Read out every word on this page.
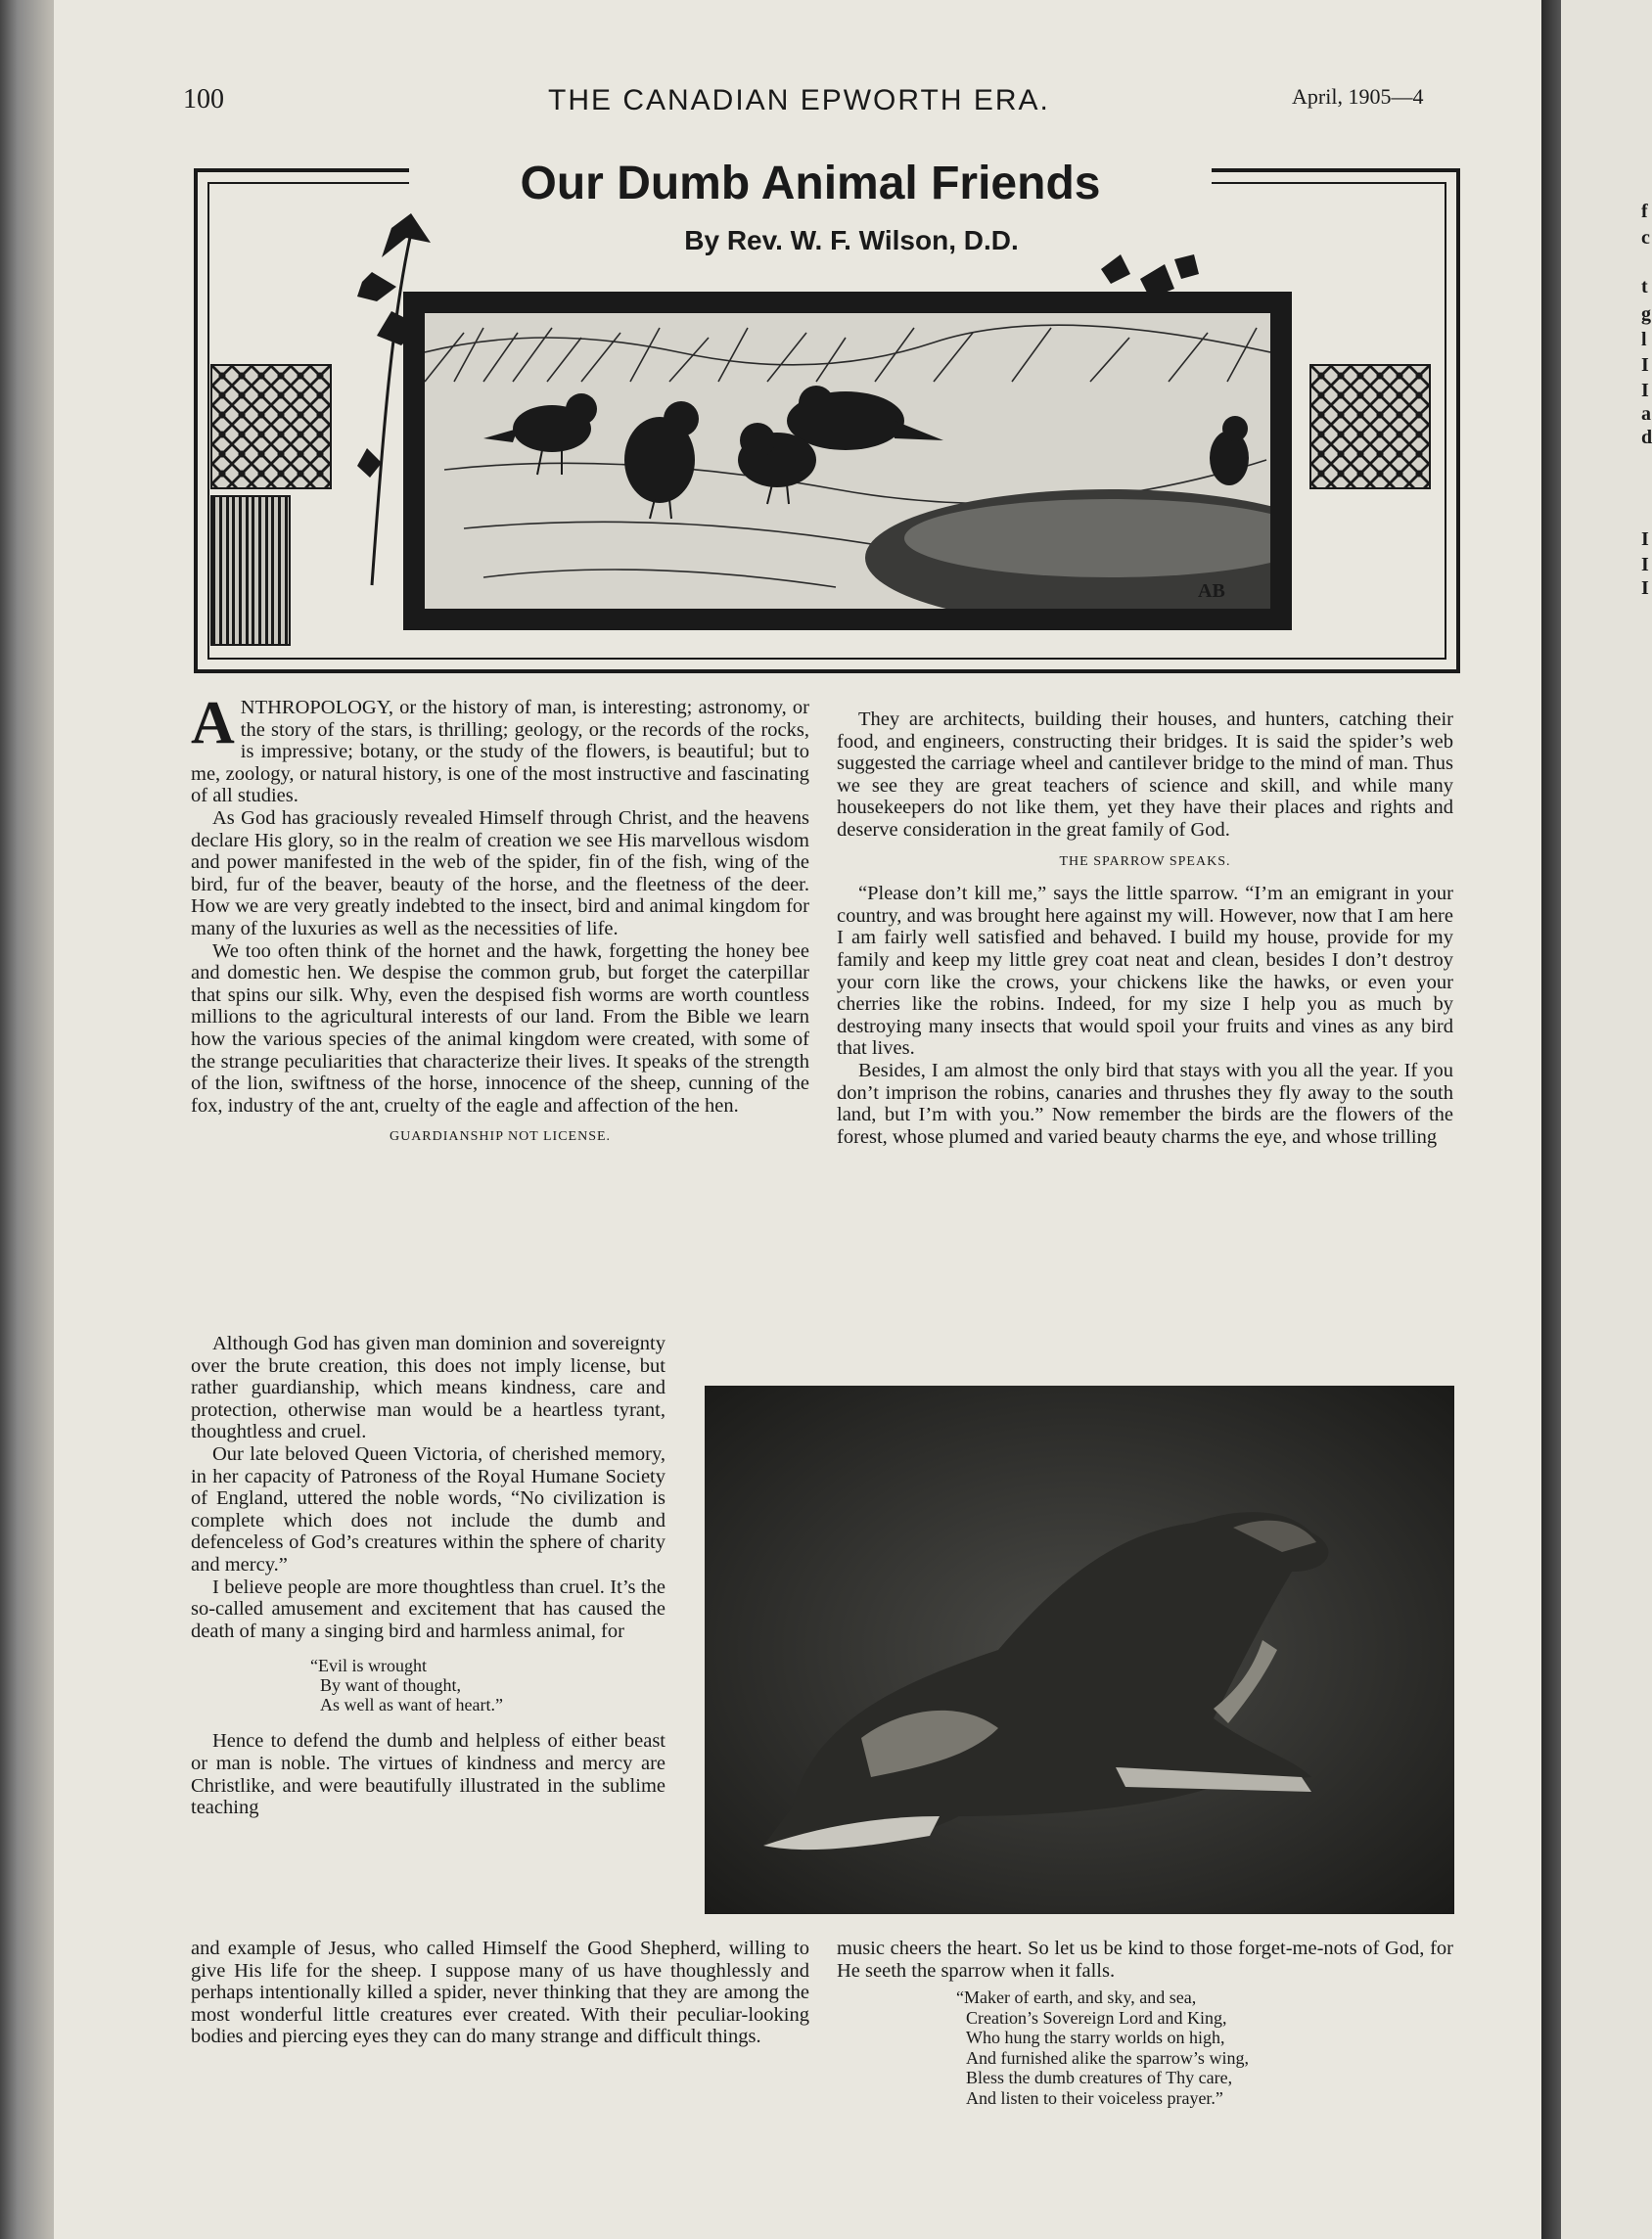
f
c
t
g
l
I
I
a
d
I
I
I
100	THE CANADIAN EPWORTH ERA.	April, 1905—4
Our Dumb Animal Friends

By Rev. W. F. Wilson, D.D.

AB

ANTHROPOLOGY, or the history of man, is interesting; astronomy, or the story of the stars, is thrilling; geology, or the records of the rocks, is impressive; botany, or the study of the flowers, is beautiful; but to me, zoology, or natural history, is one of the most instructive and fascinating of all studies.

As God has graciously revealed Himself through Christ, and the heavens declare His glory, so in the realm of creation we see His marvellous wisdom and power manifested in the web of the spider, fin of the fish, wing of the bird, fur of the beaver, beauty of the horse, and the fleetness of the deer. How we are very greatly indebted to the insect, bird and animal kingdom for many of the luxuries as well as the necessities of life.

We too often think of the hornet and the hawk, forgetting the honey bee and domestic hen. We despise the common grub, but forget the caterpillar that spins our silk. Why, even the despised fish worms are worth countless millions to the agricultural interests of our land. From the Bible we learn how the various species of the animal kingdom were created, with some of the strange peculiarities that characterize their lives. It speaks of the strength of the lion, swiftness of the horse, innocence of the sheep, cunning of the fox, industry of the ant, cruelty of the eagle and affection of the hen.

GUARDIANSHIP NOT LICENSE.

Although God has given man dominion and sovereignty over the brute creation, this does not imply license, but rather guardianship, which means kindness, care and protection, otherwise man would be a heartless tyrant, thoughtless and cruel.

Our late beloved Queen Victoria, of cherished memory, in her capacity of Patroness of the Royal Humane Society of England, uttered the noble words, “No civilization is complete which does not include the dumb and defenceless of God’s creatures within the sphere of charity and mercy.”

I believe people are more thoughtless than cruel. It’s the so-called amusement and excitement that has caused the death of many a singing bird and harmless animal, for

“Evil is wrought
By want of thought,
As well as want of heart.”

Hence to defend the dumb and helpless of either beast or man is noble. The virtues of kindness and mercy are Christlike, and were beautifully illustrated in the sublime teaching

and example of Jesus, who called Himself the Good Shepherd, willing to give His life for the sheep. I suppose many of us have thoughlessly and perhaps intentionally killed a spider, never thinking that they are among the most wonderful little creatures ever created. With their peculiar-looking bodies and piercing eyes they can do many strange and difficult things.

They are architects, building their houses, and hunters, catching their food, and engineers, constructing their bridges. It is said the spider’s web suggested the carriage wheel and cantilever bridge to the mind of man. Thus we see they are great teachers of science and skill, and while many housekeepers do not like them, yet they have their places and rights and deserve consideration in the great family of God.

THE SPARROW SPEAKS.

“Please don’t kill me,” says the little sparrow. “I’m an emigrant in your country, and was brought here against my will. However, now that I am here I am fairly well satisfied and behaved. I build my house, provide for my family and keep my little grey coat neat and clean, besides I don’t destroy your corn like the crows, your chickens like the hawks, or even your cherries like the robins. Indeed, for my size I help you as much by destroying many insects that would spoil your fruits and vines as any bird that lives.

Besides, I am almost the only bird that stays with you all the year. If you don’t imprison the robins, canaries and thrushes they fly away to the south land, but I’m with you.” Now remember the birds are the flowers of the forest, whose plumed and varied beauty charms the eye, and whose trilling

music cheers the heart. So let us be kind to those forget-me-nots of God, for He seeth the sparrow when it falls.

“Maker of earth, and sky, and sea,
Creation’s Sovereign Lord and King,
Who hung the starry worlds on high,
And furnished alike the sparrow’s wing,
Bless the dumb creatures of Thy care,
And listen to their voiceless prayer.”
